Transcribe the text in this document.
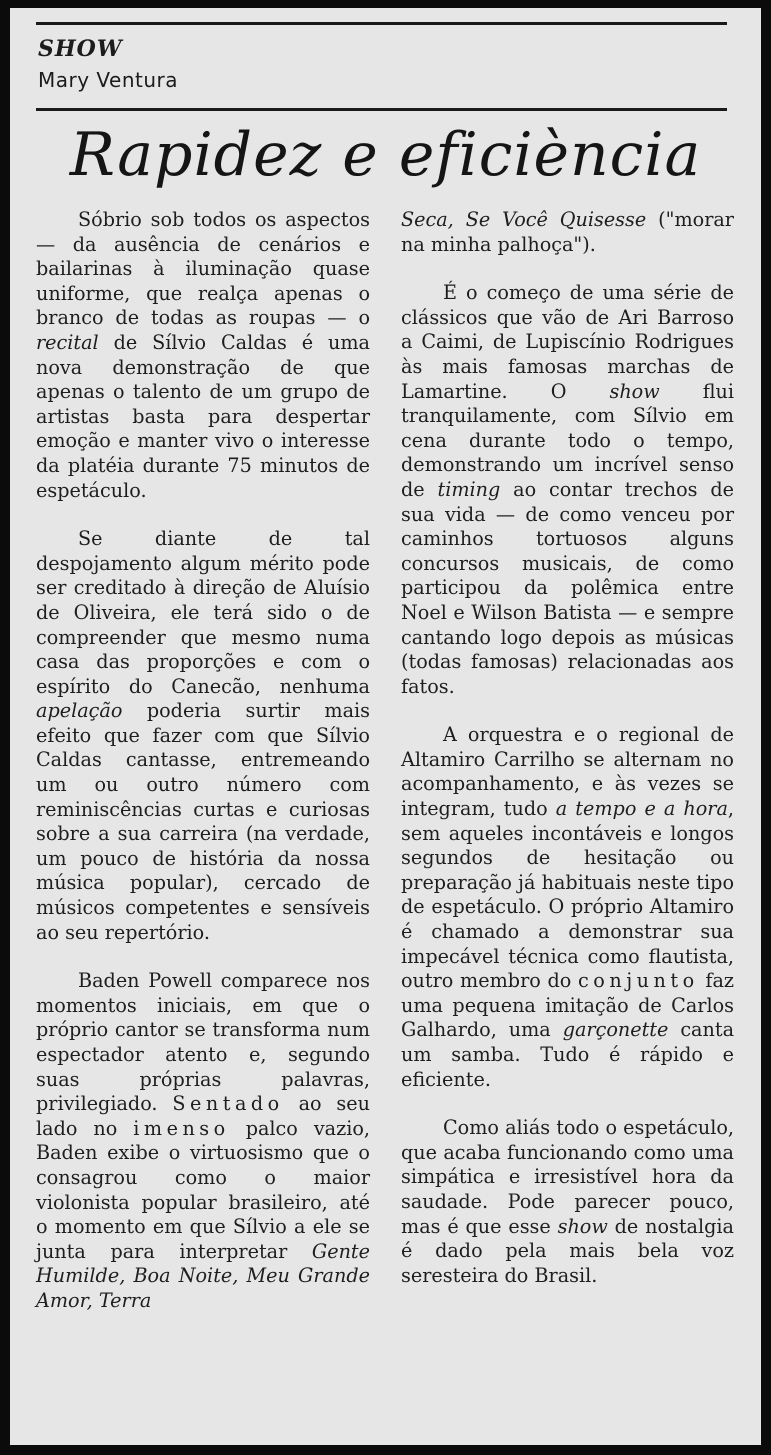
SHOW
Mary Ventura
Rapidez e eficiència

Sóbrio sob todos os aspectos — da ausência de cenários e bailarinas à iluminação quase uniforme, que realça apenas o branco de todas as roupas — o recital de Sílvio Caldas é uma nova demonstração de que apenas o talento de um grupo de artistas basta para despertar emoção e manter vivo o interesse da platéia durante 75 minutos de espetáculo.

Se diante de tal despojamento algum mérito pode ser creditado à direção de Aluísio de Oliveira, ele terá sido o de compreender que mesmo numa casa das proporções e com o espírito do Canecão, nenhuma apelação poderia surtir mais efeito que fazer com que Sílvio Caldas cantasse, entremeando um ou outro número com reminiscências curtas e curiosas sobre a sua carreira (na verdade, um pouco de história da nossa música popular), cercado de músicos competentes e sensíveis ao seu repertório.

Baden Powell comparece nos momentos iniciais, em que o próprio cantor se transforma num espectador atento e, segundo suas próprias palavras, privilegiado. Sentado ao seu lado no imenso palco vazio, Baden exibe o virtuosismo que o consagrou como o maior violonista popular brasileiro, até o momento em que Sílvio a ele se junta para interpretar Gente Humilde, Boa Noite, Meu Grande Amor, Terra

Seca, Se Você Quisesse ("morar na minha palhoça").

É o começo de uma série de clássicos que vão de Ari Barroso a Caimi, de Lupiscínio Rodrigues às mais famosas marchas de Lamartine. O show flui tranquilamente, com Sílvio em cena durante todo o tempo, demonstrando um incrível senso de timing ao contar trechos de sua vida — de como venceu por caminhos tortuosos alguns concursos musicais, de como participou da polêmica entre Noel e Wilson Batista — e sempre cantando logo depois as músicas (todas famosas) relacionadas aos fatos.

A orquestra e o regional de Altamiro Carrilho se alternam no acompanhamento, e às vezes se integram, tudo a tempo e a hora, sem aqueles incontáveis e longos segundos de hesitação ou preparação já habituais neste tipo de espetáculo. O próprio Altamiro é chamado a demonstrar sua impecável técnica como flautista, outro membro do conjunto faz uma pequena imitação de Carlos Galhardo, uma garçonette canta um samba. Tudo é rápido e eficiente.

Como aliás todo o espetáculo, que acaba funcionando como uma simpática e irresistível hora da saudade. Pode parecer pouco, mas é que esse show de nostalgia é dado pela mais bela voz seresteira do Brasil.
